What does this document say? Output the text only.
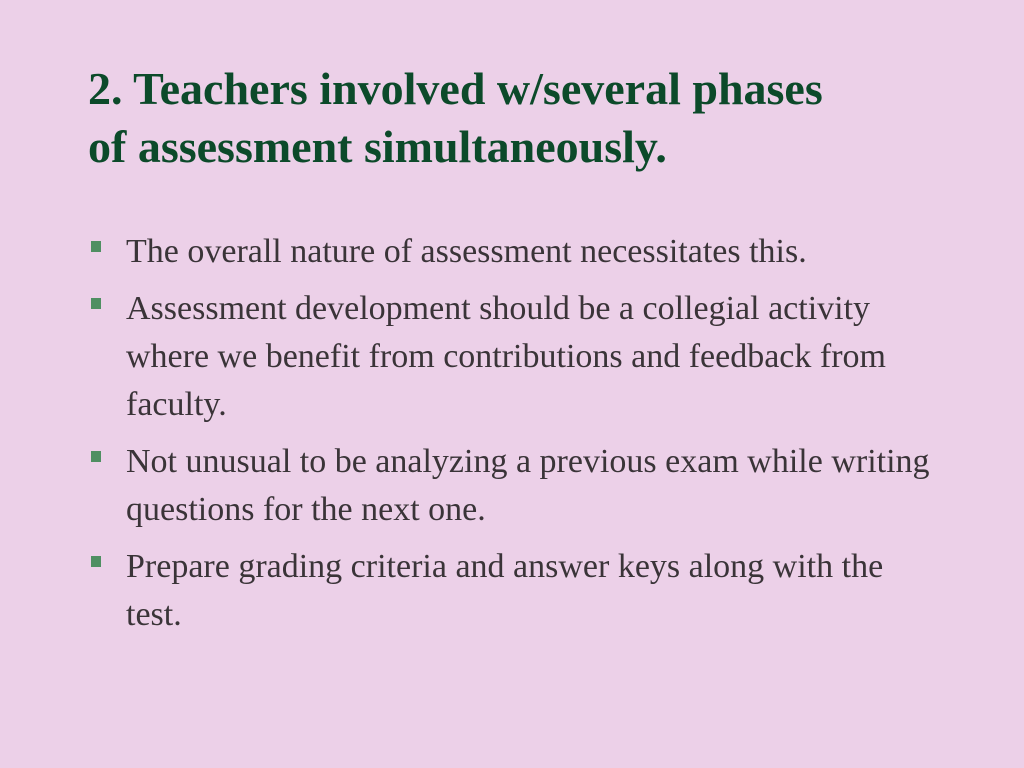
2. Teachers involved w/several phases
of assessment simultaneously.
The overall nature of assessment necessitates this.
Assessment development should be a collegial activity where we benefit from contributions and feedback from faculty.
Not unusual to be analyzing a previous exam while writing questions for the next one.
Prepare grading criteria and answer keys along with the test.
